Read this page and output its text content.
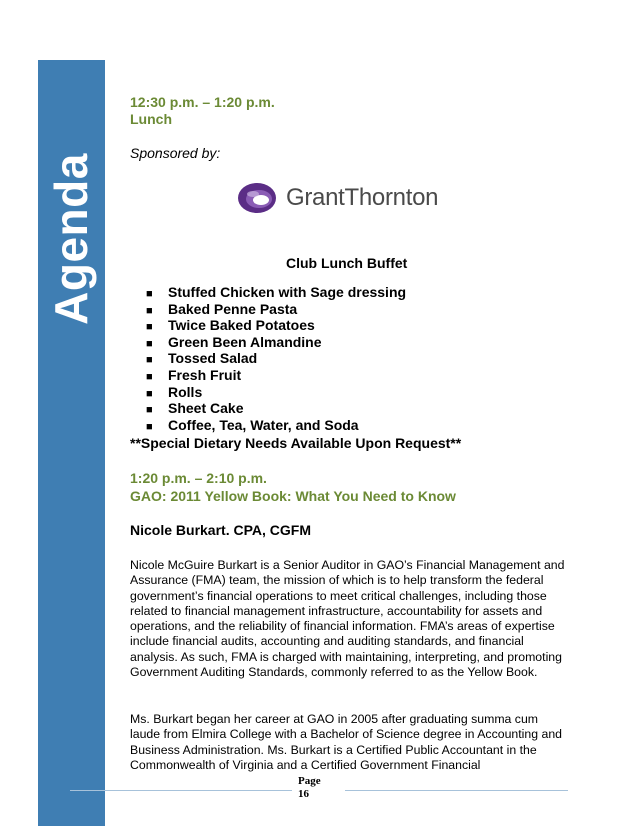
Agenda
12:30 p.m. – 1:20 p.m.
Lunch
Sponsored by:
GrantThornton
Club Lunch Buffet
■ Stuffed Chicken with Sage dressing
■ Baked Penne Pasta
■ Twice Baked Potatoes
■ Green Been Almandine
■ Tossed Salad
■ Fresh Fruit
■ Rolls
■ Sheet Cake
■ Coffee, Tea, Water, and Soda
**Special Dietary Needs Available Upon Request**
1:20 p.m. – 2:10 p.m.
GAO: 2011 Yellow Book: What You Need to Know
Nicole Burkart. CPA, CGFM

Nicole McGuire Burkart is a Senior Auditor in GAO’s Financial Management and Assurance (FMA) team, the mission of which is to help transform the federal government’s financial operations to meet critical challenges, including those related to financial management infrastructure, accountability for assets and operations, and the reliability of financial information. FMA’s areas of expertise include financial audits, accounting and auditing standards, and financial analysis. As such, FMA is charged with maintaining, interpreting, and promoting Government Auditing Standards, commonly referred to as the Yellow Book.

Ms. Burkart began her career at GAO in 2005 after graduating summa cum laude from Elmira College with a Bachelor of Science degree in Accounting and Business Administration. Ms. Burkart is a Certified Public Accountant in the Commonwealth of Virginia and a Certified Government Financial

Page
16
